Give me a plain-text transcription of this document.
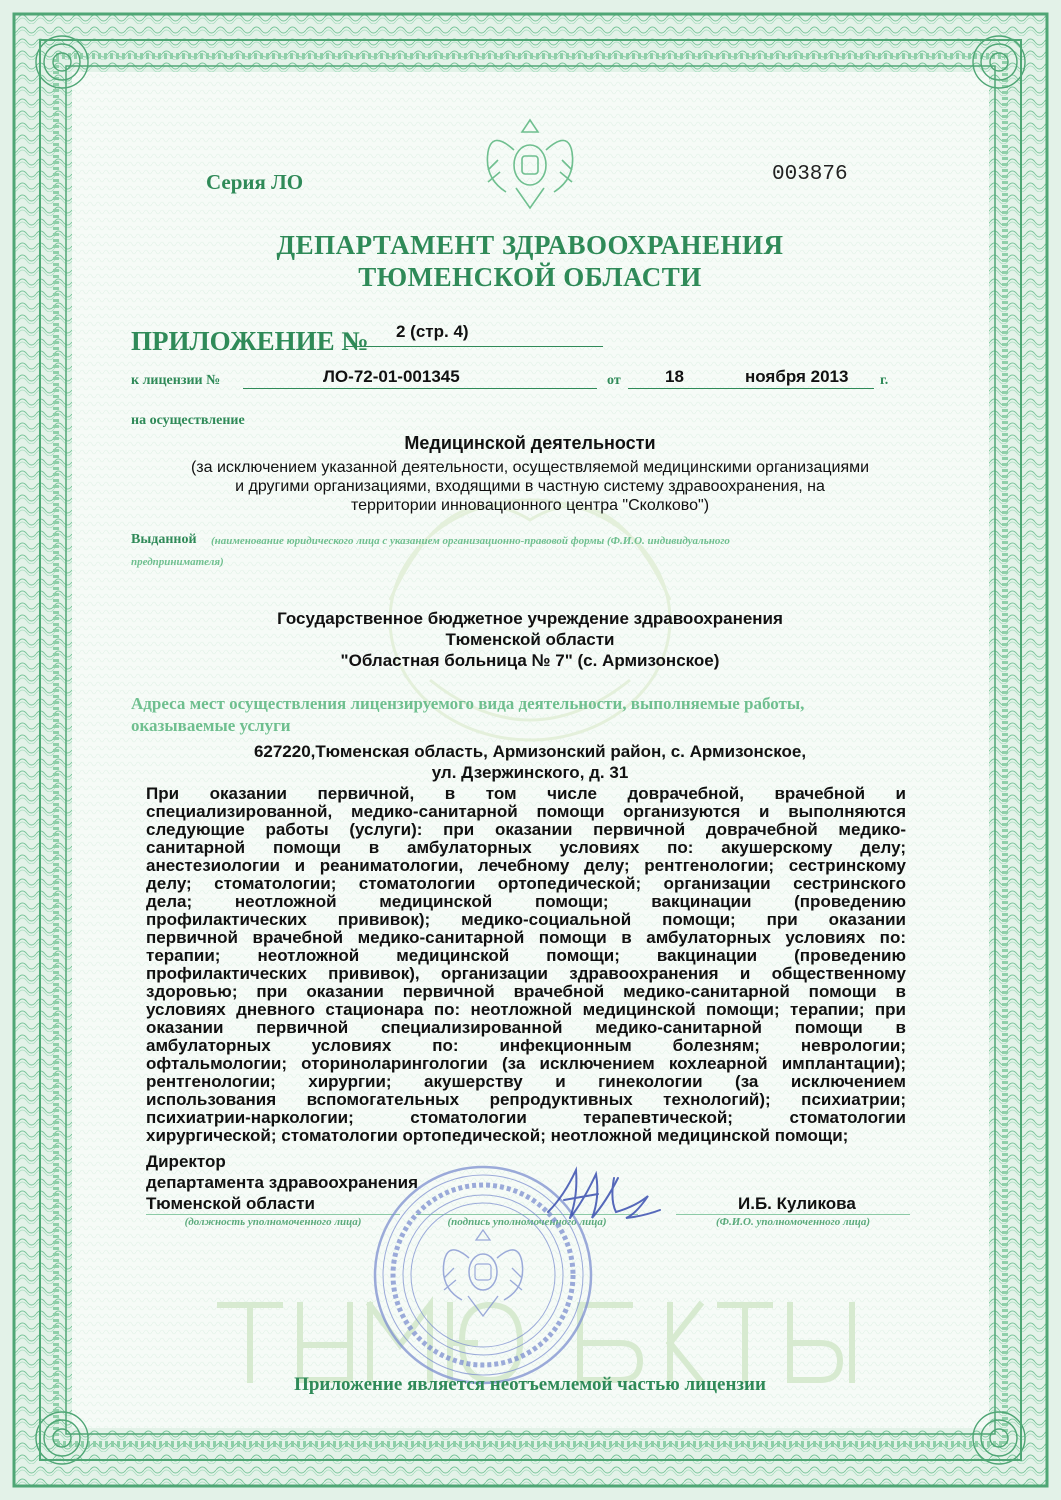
Серия ЛО	003876
ДЕПАРТАМЕНТ ЗДРАВООХРАНЕНИЯ
ТЮМЕНСКОЙ ОБЛАСТИ
ПРИЛОЖЕНИЕ № 2 (стр. 4)
к лицензии №	ЛО-72-01-001345	от	18	ноября 2013 г.
на осуществление
Медицинской деятельности
(за исключением указанной деятельности, осуществляемой медицинскими организациями
и другими организациями, входящими в частную систему здравоохранения, на
территории инновационного центра "Сколково")
Выданной (наименование юридического лица с указанием организационно-правовой формы (Ф.И.О. индивидуального
предпринимателя)
Государственное бюджетное учреждение здравоохранения
Тюменской области
"Областная больница № 7" (с. Армизонское)
Адреса мест осуществления лицензируемого вида деятельности, выполняемые работы,
оказываемые услуги
627220,Тюменская область, Армизонский район, с. Армизонское,
ул. Дзержинского, д. 31
При оказании первичной, в том числе доврачебной, врачебной и
специализированной, медико-санитарной помощи организуются и выполняются
следующие работы (услуги): при оказании первичной доврачебной медико-
санитарной помощи в амбулаторных условиях по: акушерскому делу;
анестезиологии и реаниматологии, лечебному делу; рентгенологии; сестринскому
делу; стоматологии; стоматологии ортопедической; организации сестринского
дела; неотложной медицинской помощи; вакцинации (проведению
профилактических прививок); медико-социальной помощи; при оказании
первичной врачебной медико-санитарной помощи в амбулаторных условиях по:
терапии; неотложной медицинской помощи; вакцинации (проведению
профилактических прививок), организации здравоохранения и общественному
здоровью; при оказании первичной врачебной медико-санитарной помощи в
условиях дневного стационара по: неотложной медицинской помощи; терапии; при
оказании первичной специализированной медико-санитарной помощи в
амбулаторных условиях по: инфекционным болезням; неврологии;
офтальмологии; оториноларингологии (за исключением кохлеарной имплантации);
рентгенологии; хирургии; акушерству и гинекологии (за исключением
использования вспомогательных репродуктивных технологий); психиатрии;
психиатрии-наркологии; стоматологии терапевтической; стоматологии
хирургической; стоматологии ортопедической; неотложной медицинской помощи;
Директор
департамента здравоохранения
Тюменской области	И.Б. Куликова
(должность уполномоченного лица)	(подпись уполномоченного лица)	(Ф.И.О. уполномоченного лица)
Приложение является неотъемлемой частью лицензии
